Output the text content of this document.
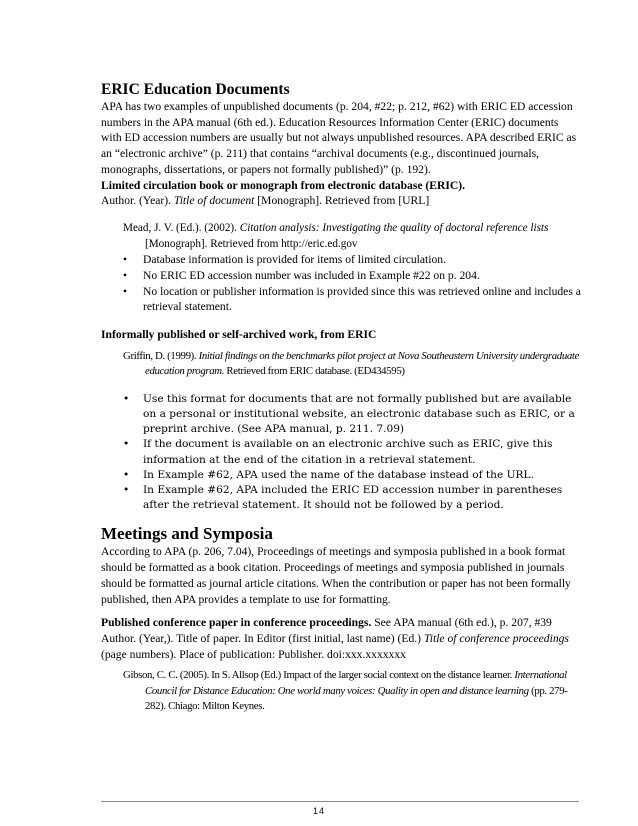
ERIC Education Documents

APA has two examples of unpublished documents (p. 204, #22; p. 212, #62) with ERIC ED accession numbers in the APA manual (6th ed.). Education Resources Information Center (ERIC) documents with ED accession numbers are usually but not always unpublished resources. APA described ERIC as an “electronic archive” (p. 211) that contains “archival documents (e.g., discontinued journals, monographs, dissertations, or papers not formally published)” (p. 192).
Limited circulation book or monograph from electronic database (ERIC).
Author. (Year). Title of document [Monograph]. Retrieved from [URL]

Mead, J. V. (Ed.). (2002). Citation analysis: Investigating the quality of doctoral reference lists
[Monograph]. Retrieved from http://eric.ed.gov

• Database information is provided for items of limited circulation.
• No ERIC ED accession number was included in Example #22 on p. 204.
• No location or publisher information is provided since this was retrieved online and includes a retrieval statement.

Informally published or self-archived work, from ERIC

Griffin, D. (1999). Initial findings on the benchmarks pilot project at Nova Southeastern University undergraduate education program. Retrieved from ERIC database. (ED434595)

• Use this format for documents that are not formally published but are available on a personal or institutional website, an electronic database such as ERIC, or a preprint archive. (See APA manual, p. 211. 7.09)
• If the document is available on an electronic archive such as ERIC, give this information at the end of the citation in a retrieval statement.
• In Example #62, APA used the name of the database instead of the URL.
• In Example #62, APA included the ERIC ED accession number in parentheses after the retrieval statement. It should not be followed by a period.
Meetings and Symposia

According to APA (p. 206, 7.04), Proceedings of meetings and symposia published in a book format should be formatted as a book citation. Proceedings of meetings and symposia published in journals should be formatted as journal article citations. When the contribution or paper has not been formally published, then APA provides a template to use for formatting.

Published conference paper in conference proceedings. See APA manual (6th ed.), p. 207, #39 Author. (Year,). Title of paper. In Editor (first initial, last name) (Ed.) Title of conference proceedings (page numbers). Place of publication: Publisher. doi:xxx.xxxxxxx

Gibson, C. C. (2005). In S. Allsop (Ed.) Impact of the larger social context on the distance learner. International Council for Distance Education: One world many voices: Quality in open and distance learning (pp. 279-282). Chiago: Milton Keynes.

14
